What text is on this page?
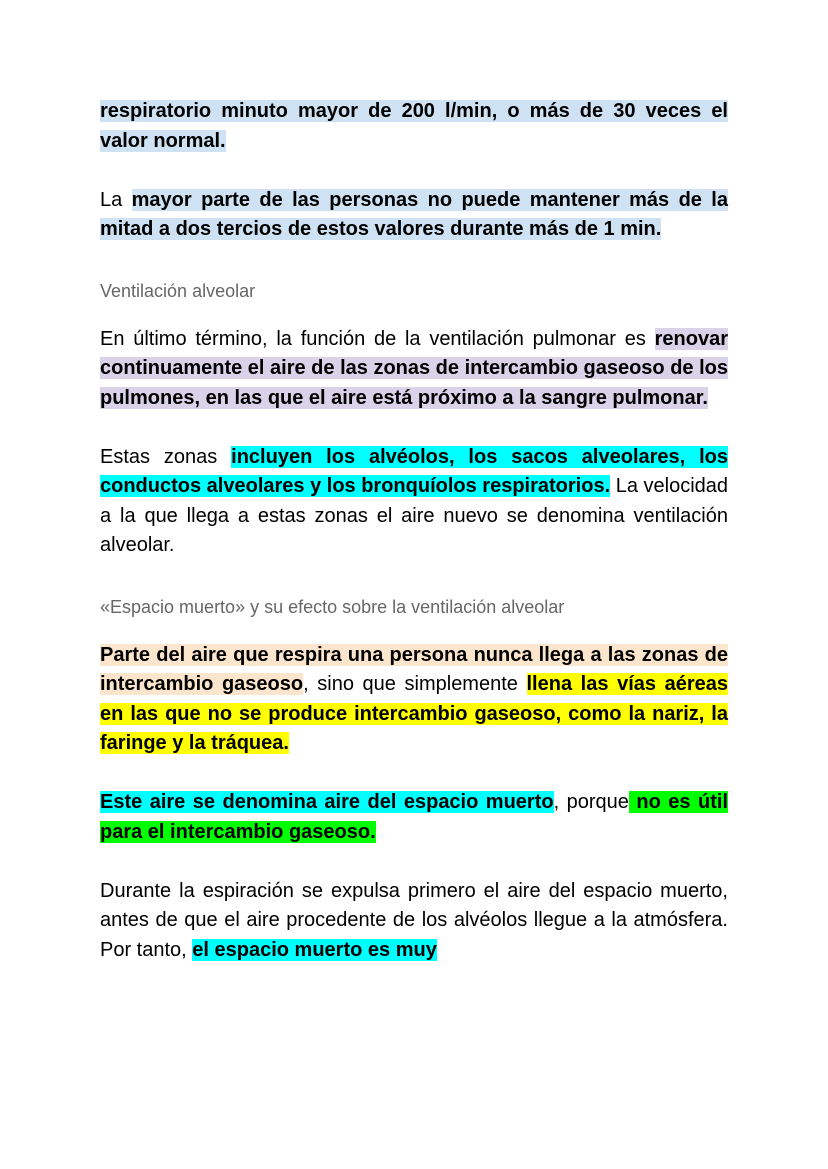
respiratorio minuto mayor de 200 l/min, o más de 30 veces el valor normal.

La mayor parte de las personas no puede mantener más de la mitad a dos tercios de estos valores durante más de 1 min.

Ventilación alveolar

En último término, la función de la ventilación pulmonar es renovar continuamente el aire de las zonas de intercambio gaseoso de los pulmones, en las que el aire está próximo a la sangre pulmonar.

Estas zonas incluyen los alvéolos, los sacos alveolares, los conductos alveolares y los bronquíolos respiratorios. La velocidad a la que llega a estas zonas el aire nuevo se denomina ventilación alveolar.

«Espacio muerto» y su efecto sobre la ventilación alveolar

Parte del aire que respira una persona nunca llega a las zonas de intercambio gaseoso, sino que simplemente llena las vías aéreas en las que no se produce intercambio gaseoso, como la nariz, la faringe y la tráquea.

Este aire se denomina aire del espacio muerto, porque no es útil para el intercambio gaseoso.

Durante la espiración se expulsa primero el aire del espacio muerto, antes de que el aire procedente de los alvéolos llegue a la atmósfera. Por tanto, el espacio muerto es muy
